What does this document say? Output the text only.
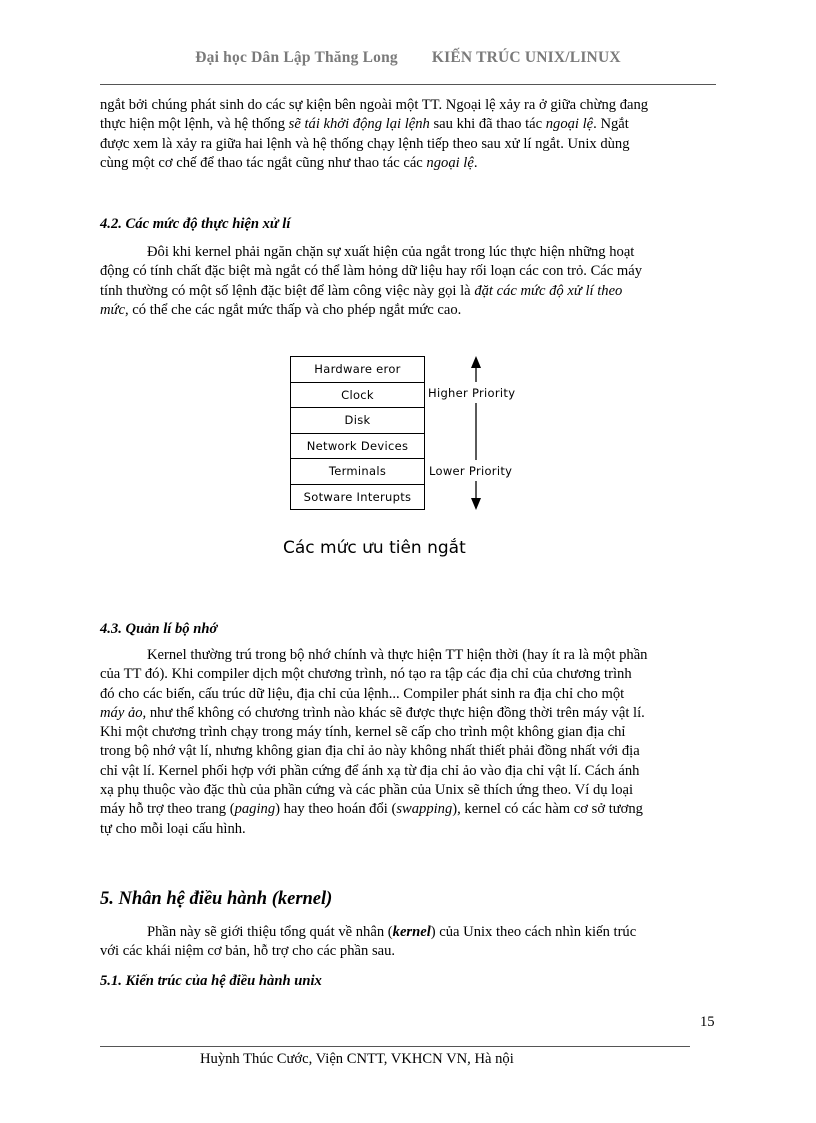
Đại học Dân Lập Thăng Long KIẾN TRÚC UNIX/LINUX
ngắt bởi chúng phát sinh do các sự kiện bên ngoài một TT. Ngoại lệ xảy ra ở giữa chừng đang
thực hiện một lệnh, và hệ thống sẽ tái khởi động lại lệnh sau khi đã thao tác ngoại lệ. Ngắt
được xem là xảy ra giữa hai lệnh và hệ thống chạy lệnh tiếp theo sau xử lí ngắt. Unix dùng
cùng một cơ chế để thao tác ngắt cũng như thao tác các ngoại lệ.
4.2. Các mức độ thực hiện xử lí
Đôi khi kernel phải ngăn chặn sự xuất hiện của ngắt trong lúc thực hiện những hoạt
động có tính chất đặc biệt mà ngắt có thể làm hỏng dữ liệu hay rối loạn các con trỏ. Các máy
tính thường có một số lệnh đặc biệt để làm công việc này gọi là đặt các mức độ xử lí theo
mức, có thể che các ngắt mức thấp và cho phép ngắt mức cao.
Hardware eror
Clock
Disk
Network Devices
Terminals
Sotware Interupts
Higher Priority
Lower Priority
Các mức ưu tiên ngắt
4.3. Quản lí bộ nhớ
Kernel thường trú trong bộ nhớ chính và thực hiện TT hiện thời (hay ít ra là một phần
của TT đó). Khi compiler dịch một chương trình, nó tạo ra tập các địa chỉ của chương trình
đó cho các biến, cấu trúc dữ liệu, địa chỉ của lệnh... Compiler phát sinh ra địa chỉ cho một
máy ảo, như thể không có chương trình nào khác sẽ được thực hiện đồng thời trên máy vật lí.
Khi một chương trình chạy trong máy tính, kernel sẽ cấp cho trình một không gian địa chỉ
trong bộ nhớ vật lí, nhưng không gian địa chỉ ảo này không nhất thiết phải đồng nhất với địa
chỉ vật lí. Kernel phối hợp với phần cứng để ánh xạ từ địa chỉ ảo vào địa chỉ vật lí. Cách ánh
xạ phụ thuộc vào đặc thù của phần cứng và các phần của Unix sẽ thích ứng theo. Ví dụ loại
máy hỗ trợ theo trang (paging) hay theo hoán đổi (swapping), kernel có các hàm cơ sở tương
tự cho mỗi loại cấu hình.
5. Nhân hệ điều hành (kernel)
Phần này sẽ giới thiệu tổng quát về nhân (kernel) của Unix theo cách nhìn kiến trúc
với các khái niệm cơ bản, hỗ trợ cho các phần sau.
5.1. Kiến trúc của hệ điều hành unix
15
Huỳnh Thúc Cước, Viện CNTT, VKHCN VN, Hà nội
